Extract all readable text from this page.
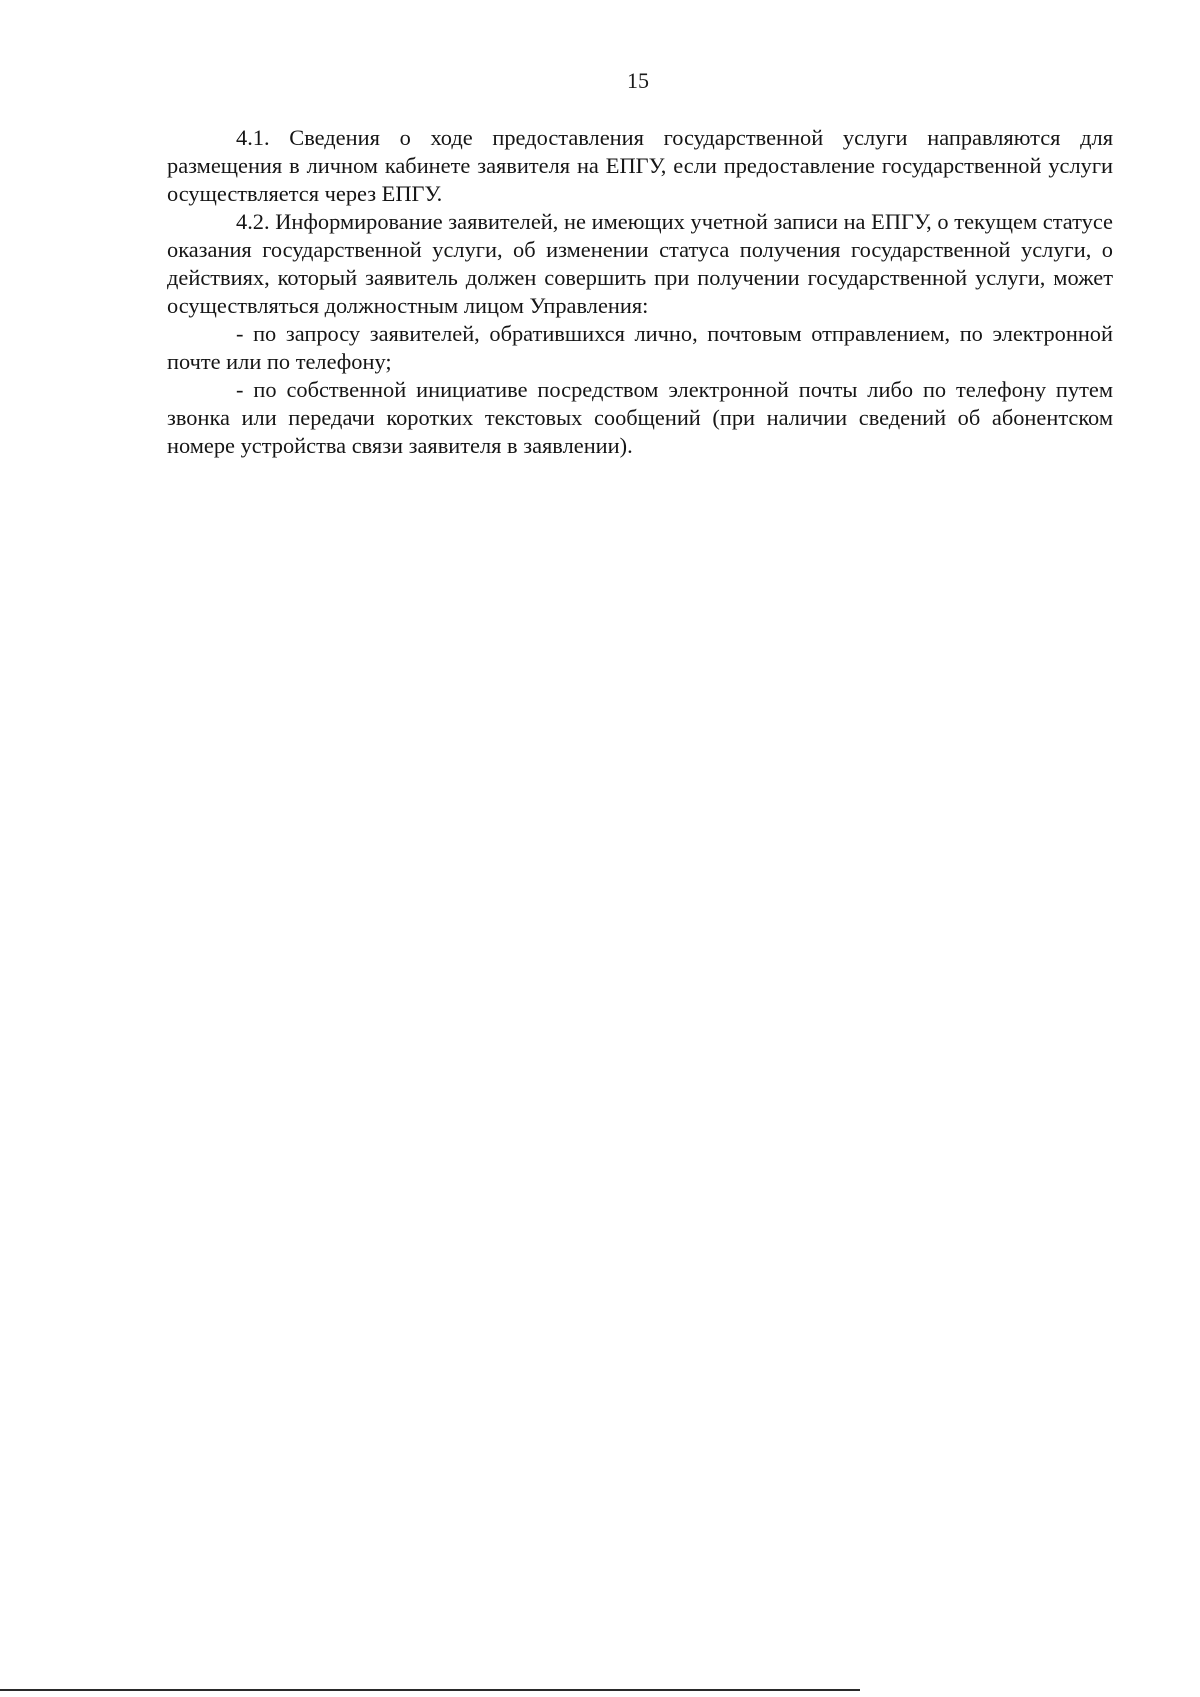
15

4.1. Сведения о ходе предоставления государственной услуги направляются для размещения в личном кабинете заявителя на ЕПГУ, если предоставление государственной услуги осуществляется через ЕПГУ.

4.2. Информирование заявителей, не имеющих учетной записи на ЕПГУ, о текущем статусе оказания государственной услуги, об изменении статуса получения государственной услуги, о действиях, который заявитель должен совершить при получении государственной услуги, может осуществляться должностным лицом Управления:

- по запросу заявителей, обратившихся лично, почтовым отправлением, по электронной почте или по телефону;

- по собственной инициативе посредством электронной почты либо по телефону путем звонка или передачи коротких текстовых сообщений (при наличии сведений об абонентском номере устройства связи заявителя в заявлении).
